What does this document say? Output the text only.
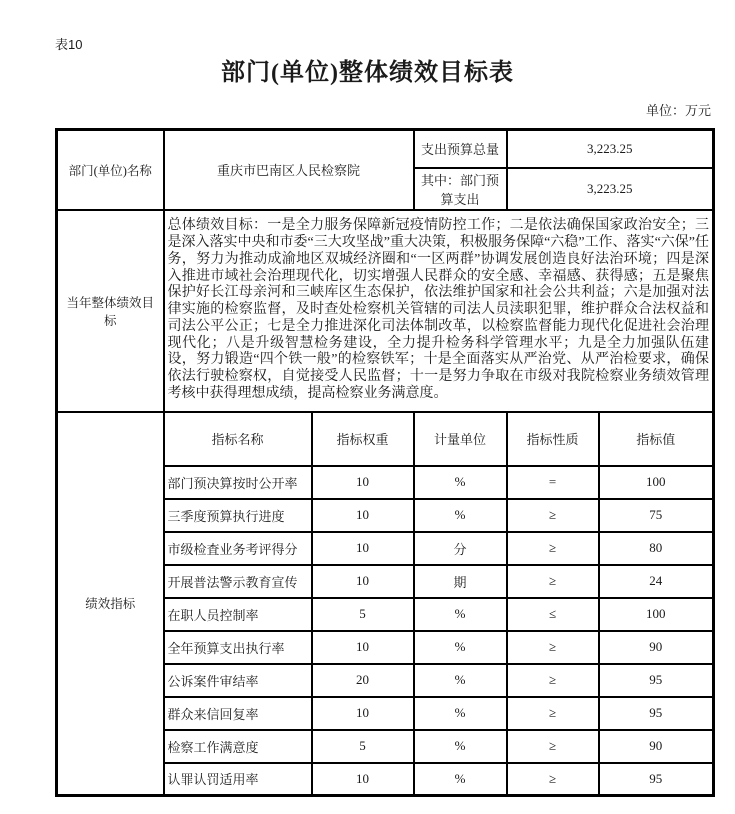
表10
部门(单位)整体绩效目标表
单位：万元
部门(单位)名称	重庆市巴南区人民检察院		支出预算总量	3,223.25	
			其中：部门预算支出	3,223.25	
当年整体绩效目标	总体绩效目标：一是全力服务保障新冠疫情防控工作；二是依法确保国家政治安全；三是深入落实中央和市委“三大攻坚战”重大决策，积极服务保障“六稳”工作、落实“六保”任务，努力为推动成渝地区双城经济圈和“一区两群”协调发展创造良好法治环境；四是深入推进市域社会治理现代化，切实增强人民群众的安全感、幸福感、获得感；五是聚焦保护好长江母亲河和三峡库区生态保护，依法维护国家和社会公共利益；六是加强对法律实施的检察监督，及时查处检察机关管辖的司法人员渎职犯罪，维护群众合法权益和司法公平公正；七是全力推进深化司法体制改革，以检察监督能力现代化促进社会治理现代化；八是升级智慧检务建设，全力提升检务科学管理水平；九是全力加强队伍建设，努力锻造“四个铁一般”的检察铁军；十是全面落实从严治党、从严治检要求，确保依法行驶检察权，自觉接受人民监督；十一是努力争取在市级对我院检察业务绩效管理考核中获得理想成绩，提高检察业务满意度。				
绩效指标	指标名称	指标权重	计量单位	指标性质	指标值
	部门预决算按时公开率	10	%	=	100
	三季度预算执行进度	10	%	≥	75
	市级检査业务考评得分	10	分	≥	80
	开展普法警示教育宣传	10	期	≥	24
	在职人员控制率	5	%	≤	100
	全年预算支出执行率	10	%	≥	90
	公诉案件审结率	20	%	≥	95
	群众来信回复率	10	%	≥	95
	检察工作满意度	5	%	≥	90
	认罪认罚适用率	10	%	≥	95
